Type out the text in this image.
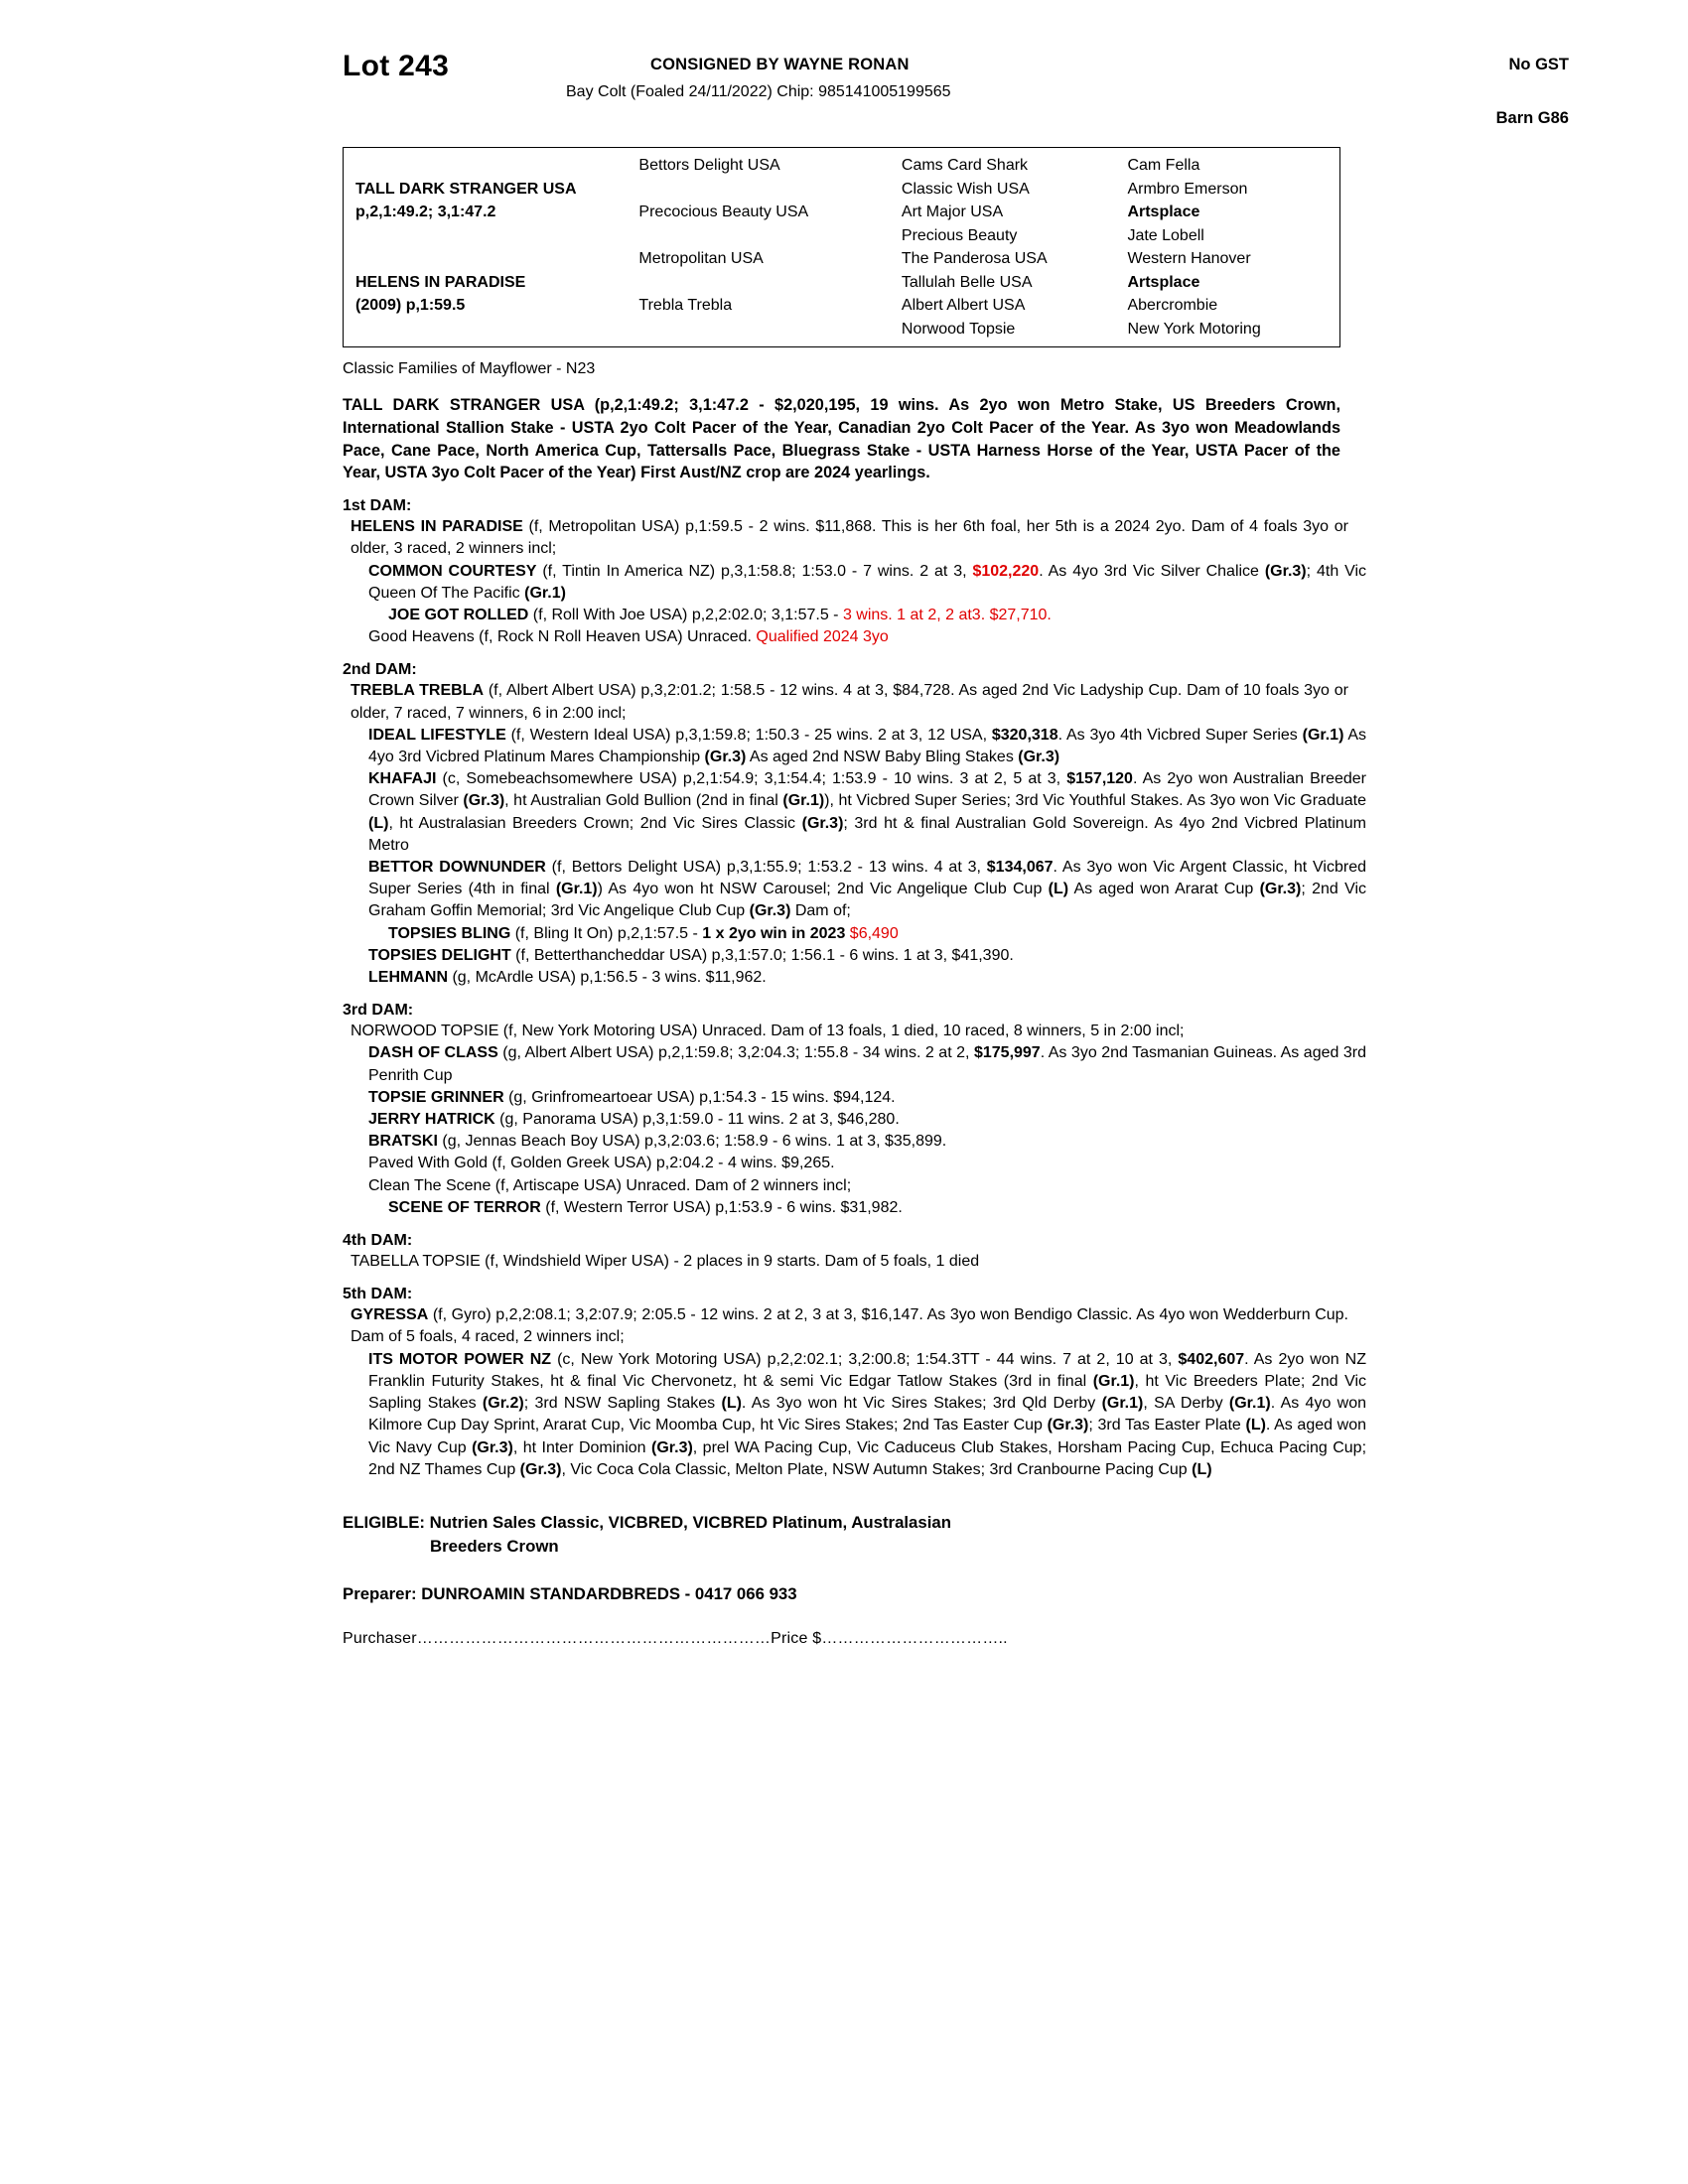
Lot 243	CONSIGNED BY WAYNE RONAN	No GST
Bay Colt (Foaled 24/11/2022) Chip: 985141005199565
Barn G86
TALL DARK STRANGER USA
p,2,1:49.2; 3,1:47.2
HELENS IN PARADISE
(2009) p,1:59.5
Bettors Delight USA
Precocious Beauty USA
Metropolitan USA
Trebla Trebla
Cams Card Shark
Classic Wish USA
Art Major USA
Precious Beauty
The Panderosa USA
Tallulah Belle USA
Albert Albert USA
Norwood Topsie
Cam Fella
Armbro Emerson
Artsplace
Jate Lobell
Western Hanover
Artsplace
Abercrombie
New York Motoring
Classic Families of Mayflower - N23
TALL DARK STRANGER USA (p,2,1:49.2; 3,1:47.2 - $2,020,195, 19 wins. As 2yo won Metro Stake, US Breeders Crown, International Stallion Stake - USTA 2yo Colt Pacer of the Year, Canadian 2yo Colt Pacer of the Year. As 3yo won Meadowlands Pace, Cane Pace, North America Cup, Tattersalls Pace, Bluegrass Stake - USTA Harness Horse of the Year, USTA Pacer of the Year, USTA 3yo Colt Pacer of the Year) First Aust/NZ crop are 2024 yearlings.
1st DAM:
HELENS IN PARADISE (f, Metropolitan USA) p,1:59.5 - 2 wins. $11,868. This is her 6th foal, her 5th is a 2024 2yo. Dam of 4 foals 3yo or older, 3 raced, 2 winners incl;
COMMON COURTESY (f, Tintin In America NZ) p,3,1:58.8; 1:53.0 - 7 wins. 2 at 3, $102,220. As 4yo 3rd Vic Silver Chalice (Gr.3); 4th Vic Queen Of The Pacific (Gr.1)
JOE GOT ROLLED (f, Roll With Joe USA) p,2,2:02.0; 3,1:57.5 - 3 wins. 1 at 2, 2 at3. $27,710.
Good Heavens (f, Rock N Roll Heaven USA) Unraced. Qualified 2024 3yo
2nd DAM:
TREBLA TREBLA (f, Albert Albert USA) p,3,2:01.2; 1:58.5 - 12 wins. 4 at 3, $84,728. As aged 2nd Vic Ladyship Cup. Dam of 10 foals 3yo or older, 7 raced, 7 winners, 6 in 2:00 incl;
IDEAL LIFESTYLE (f, Western Ideal USA) p,3,1:59.8; 1:50.3 - 25 wins. 2 at 3, 12 USA, $320,318. As 3yo 4th Vicbred Super Series (Gr.1) As 4yo 3rd Vicbred Platinum Mares Championship (Gr.3) As aged 2nd NSW Baby Bling Stakes (Gr.3)
KHAFAJI (c, Somebeachsomewhere USA) p,2,1:54.9; 3,1:54.4; 1:53.9 - 10 wins. 3 at 2, 5 at 3, $157,120. As 2yo won Australian Breeder Crown Silver (Gr.3), ht Australian Gold Bullion (2nd in final (Gr.1)), ht Vicbred Super Series; 3rd Vic Youthful Stakes. As 3yo won Vic Graduate (L), ht Australasian Breeders Crown; 2nd Vic Sires Classic (Gr.3); 3rd ht & final Australian Gold Sovereign. As 4yo 2nd Vicbred Platinum Metro
BETTOR DOWNUNDER (f, Bettors Delight USA) p,3,1:55.9; 1:53.2 - 13 wins. 4 at 3, $134,067. As 3yo won Vic Argent Classic, ht Vicbred Super Series (4th in final (Gr.1)) As 4yo won ht NSW Carousel; 2nd Vic Angelique Club Cup (L) As aged won Ararat Cup (Gr.3); 2nd Vic Graham Goffin Memorial; 3rd Vic Angelique Club Cup (Gr.3) Dam of;
TOPSIES BLING (f, Bling It On) p,2,1:57.5 - 1 x 2yo win in 2023 $6,490
TOPSIES DELIGHT (f, Betterthancheddar USA) p,3,1:57.0; 1:56.1 - 6 wins. 1 at 3, $41,390.
LEHMANN (g, McArdle USA) p,1:56.5 - 3 wins. $11,962.
3rd DAM:
NORWOOD TOPSIE (f, New York Motoring USA) Unraced. Dam of 13 foals, 1 died, 10 raced, 8 winners, 5 in 2:00 incl;
DASH OF CLASS (g, Albert Albert USA) p,2,1:59.8; 3,2:04.3; 1:55.8 - 34 wins. 2 at 2, $175,997. As 3yo 2nd Tasmanian Guineas. As aged 3rd Penrith Cup
TOPSIE GRINNER (g, Grinfromeartoear USA) p,1:54.3 - 15 wins. $94,124.
JERRY HATRICK (g, Panorama USA) p,3,1:59.0 - 11 wins. 2 at 3, $46,280.
BRATSKI (g, Jennas Beach Boy USA) p,3,2:03.6; 1:58.9 - 6 wins. 1 at 3, $35,899.
Paved With Gold (f, Golden Greek USA) p,2:04.2 - 4 wins. $9,265.
Clean The Scene (f, Artiscape USA) Unraced. Dam of 2 winners incl;
SCENE OF TERROR (f, Western Terror USA) p,1:53.9 - 6 wins. $31,982.
4th DAM:
TABELLA TOPSIE (f, Windshield Wiper USA) - 2 places in 9 starts. Dam of 5 foals, 1 died
5th DAM:
GYRESSA (f, Gyro) p,2,2:08.1; 3,2:07.9; 2:05.5 - 12 wins. 2 at 2, 3 at 3, $16,147. As 3yo won Bendigo Classic. As 4yo won Wedderburn Cup. Dam of 5 foals, 4 raced, 2 winners incl;
ITS MOTOR POWER NZ (c, New York Motoring USA) p,2,2:02.1; 3,2:00.8; 1:54.3TT - 44 wins. 7 at 2, 10 at 3, $402,607. As 2yo won NZ Franklin Futurity Stakes, ht & final Vic Chervonetz, ht & semi Vic Edgar Tatlow Stakes (3rd in final (Gr.1), ht Vic Breeders Plate; 2nd Vic Sapling Stakes (Gr.2); 3rd NSW Sapling Stakes (L). As 3yo won ht Vic Sires Stakes; 3rd Qld Derby (Gr.1), SA Derby (Gr.1). As 4yo won Kilmore Cup Day Sprint, Ararat Cup, Vic Moomba Cup, ht Vic Sires Stakes; 2nd Tas Easter Cup (Gr.3); 3rd Tas Easter Plate (L). As aged won Vic Navy Cup (Gr.3), ht Inter Dominion (Gr.3), prel WA Pacing Cup, Vic Caduceus Club Stakes, Horsham Pacing Cup, Echuca Pacing Cup; 2nd NZ Thames Cup (Gr.3), Vic Coca Cola Classic, Melton Plate, NSW Autumn Stakes; 3rd Cranbourne Pacing Cup (L)
ELIGIBLE: Nutrien Sales Classic, VICBRED, VICBRED Platinum, Australasian
Breeders Crown
Preparer: DUNROAMIN STANDARDBREDS - 0417 066 933
Purchaser…………………………………………………………Price $……………………………..
